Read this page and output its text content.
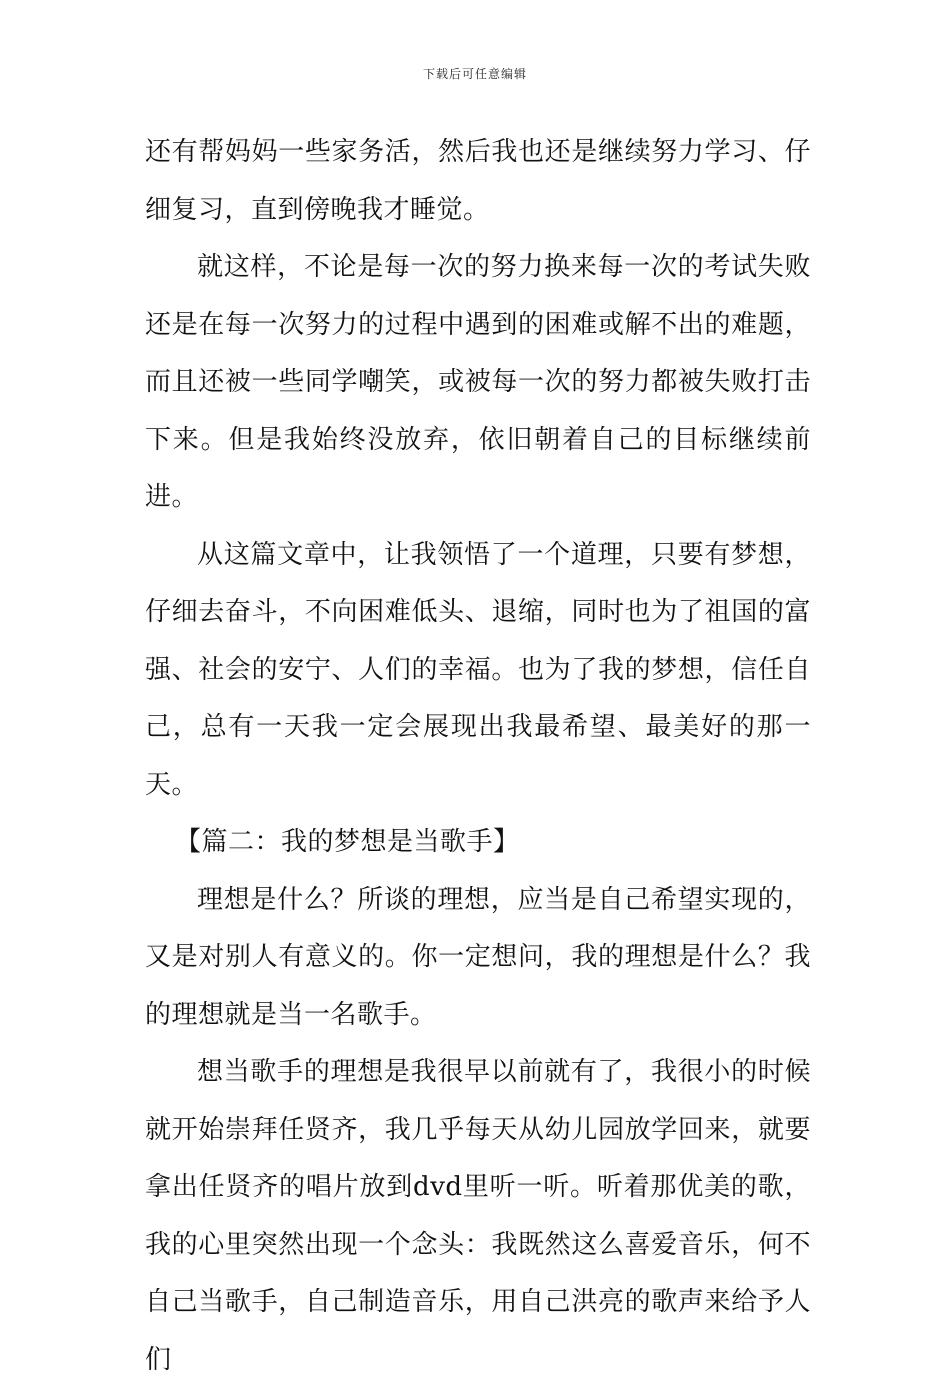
下载后可任意编辑

还有帮妈妈一些家务活，然后我也还是继续努力学习、仔细复习，直到傍晚我才睡觉。

就这样，不论是每一次的努力换来每一次的考试失败还是在每一次努力的过程中遇到的困难或解不出的难题，而且还被一些同学嘲笑，或被每一次的努力都被失败打击下来。但是我始终没放弃，依旧朝着自己的目标继续前进。

从这篇文章中，让我领悟了一个道理，只要有梦想，仔细去奋斗，不向困难低头、退缩，同时也为了祖国的富强、社会的安宁、人们的幸福。也为了我的梦想，信任自己，总有一天我一定会展现出我最希望、最美好的那一天。

【篇二：我的梦想是当歌手】

理想是什么？所谈的理想，应当是自己希望实现的，又是对别人有意义的。你一定想问，我的理想是什么？我的理想就是当一名歌手。

想当歌手的理想是我很早以前就有了，我很小的时候就开始崇拜任贤齐，我几乎每天从幼儿园放学回来，就要拿出任贤齐的唱片放到dvd里听一听。听着那优美的歌，我的心里突然出现一个念头：我既然这么喜爱音乐，何不自己当歌手，自己制造音乐，用自己洪亮的歌声来给予人们
